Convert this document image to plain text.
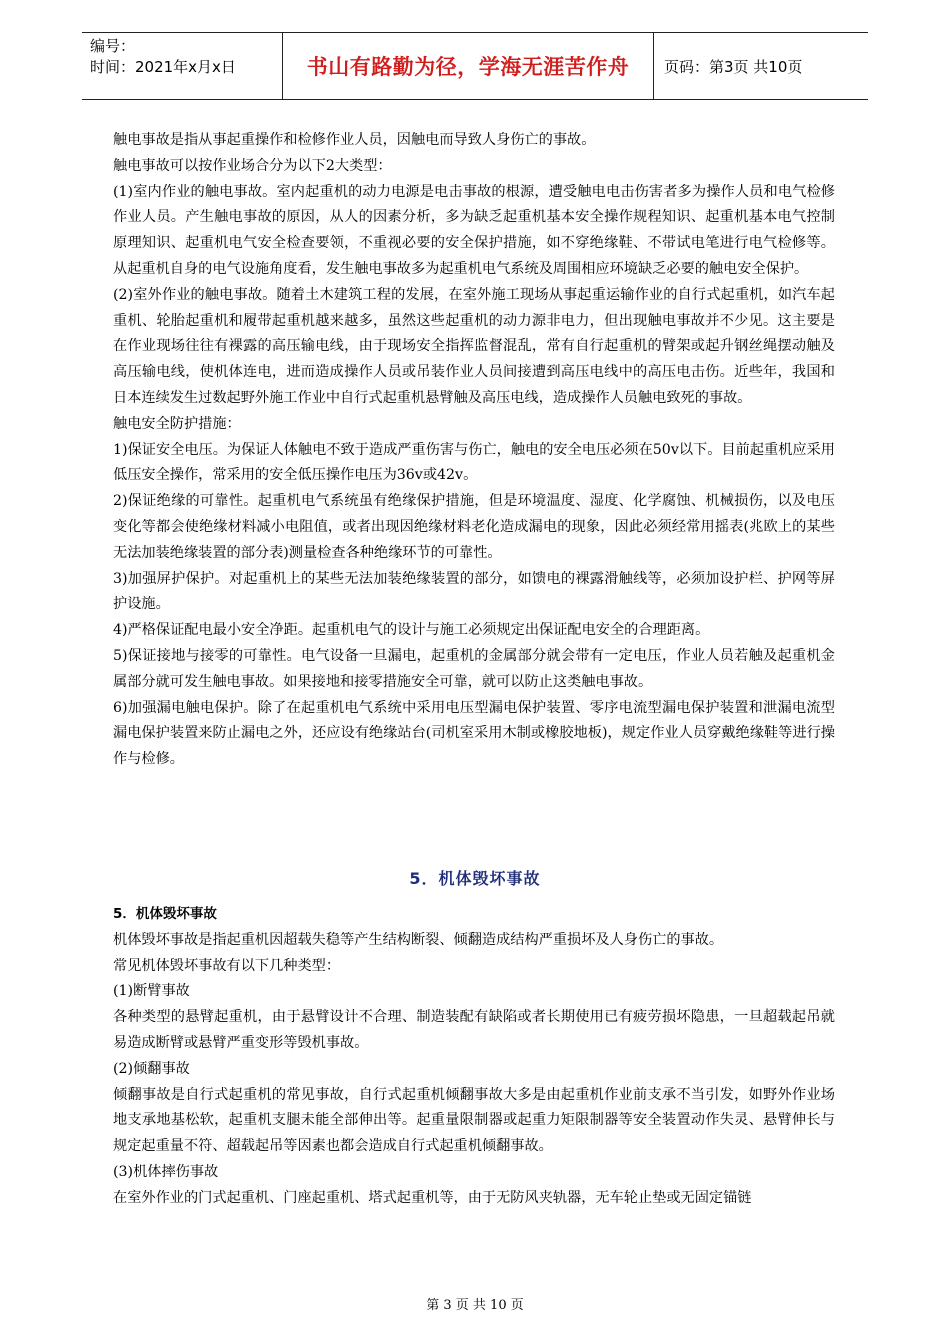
编号：
时间：2021年x月x日	书山有路勤为径，学海无涯苦作舟	页码：第3页 共10页

触电事故是指从事起重操作和检修作业人员，因触电而导致人身伤亡的事故。

触电事故可以按作业场合分为以下2大类型：

(1)室内作业的触电事故。室内起重机的动力电源是电击事故的根源，遭受触电电击伤害者多为操作人员和电气检修作业人员。产生触电事故的原因，从人的因素分析，多为缺乏起重机基本安全操作规程知识、起重机基本电气控制原理知识、起重机电气安全检查要领，不重视必要的安全保护措施，如不穿绝缘鞋、不带试电笔进行电气检修等。从起重机自身的电气设施角度看，发生触电事故多为起重机电气系统及周围相应环境缺乏必要的触电安全保护。

(2)室外作业的触电事故。随着土木建筑工程的发展，在室外施工现场从事起重运输作业的自行式起重机，如汽车起重机、轮胎起重机和履带起重机越来越多，虽然这些起重机的动力源非电力，但出现触电事故并不少见。这主要是在作业现场往往有裸露的高压输电线，由于现场安全指挥监督混乱，常有自行起重机的臂架或起升钢丝绳摆动触及高压输电线，使机体连电，进而造成操作人员或吊装作业人员间接遭到高压电线中的高压电击伤。近些年，我国和日本连续发生过数起野外施工作业中自行式起重机悬臂触及高压电线，造成操作人员触电致死的事故。

触电安全防护措施：

1)保证安全电压。为保证人体触电不致于造成严重伤害与伤亡，触电的安全电压必须在50v以下。目前起重机应采用低压安全操作，常采用的安全低压操作电压为36v或42v。

2)保证绝缘的可靠性。起重机电气系统虽有绝缘保护措施，但是环境温度、湿度、化学腐蚀、机械损伤，以及电压变化等都会使绝缘材料减小电阻值，或者出现因绝缘材料老化造成漏电的现象，因此必须经常用摇表(兆欧上的某些无法加装绝缘装置的部分表)测量检查各种绝缘环节的可靠性。

3)加强屏护保护。对起重机上的某些无法加装绝缘装置的部分，如馈电的裸露滑触线等，必须加设护栏、护网等屏护设施。

4)严格保证配电最小安全净距。起重机电气的设计与施工必须规定出保证配电安全的合理距离。

5)保证接地与接零的可靠性。电气设备一旦漏电，起重机的金属部分就会带有一定电压，作业人员若触及起重机金属部分就可发生触电事故。如果接地和接零措施安全可靠，就可以防止这类触电事故。

6)加强漏电触电保护。除了在起重机电气系统中采用电压型漏电保护装置、零序电流型漏电保护装置和泄漏电流型漏电保护装置来防止漏电之外，还应设有绝缘站台(司机室采用木制或橡胶地板)，规定作业人员穿戴绝缘鞋等进行操作与检修。

5．机体毁坏事故

5．机体毁坏事故

机体毁坏事故是指起重机因超载失稳等产生结构断裂、倾翻造成结构严重损坏及人身伤亡的事故。

常见机体毁坏事故有以下几种类型：

(1)断臂事故

各种类型的悬臂起重机，由于悬臂设计不合理、制造装配有缺陷或者长期使用已有疲劳损坏隐患，一旦超载起吊就易造成断臂或悬臂严重变形等毁机事故。

(2)倾翻事故

倾翻事故是自行式起重机的常见事故，自行式起重机倾翻事故大多是由起重机作业前支承不当引发，如野外作业场地支承地基松软，起重机支腿未能全部伸出等。起重量限制器或起重力矩限制器等安全装置动作失灵、悬臂伸长与规定起重量不符、超载起吊等因素也都会造成自行式起重机倾翻事故。

(3)机体摔伤事故

在室外作业的门式起重机、门座起重机、塔式起重机等，由于无防风夹轨器，无车轮止垫或无固定锚链

第 3 页 共 10 页
